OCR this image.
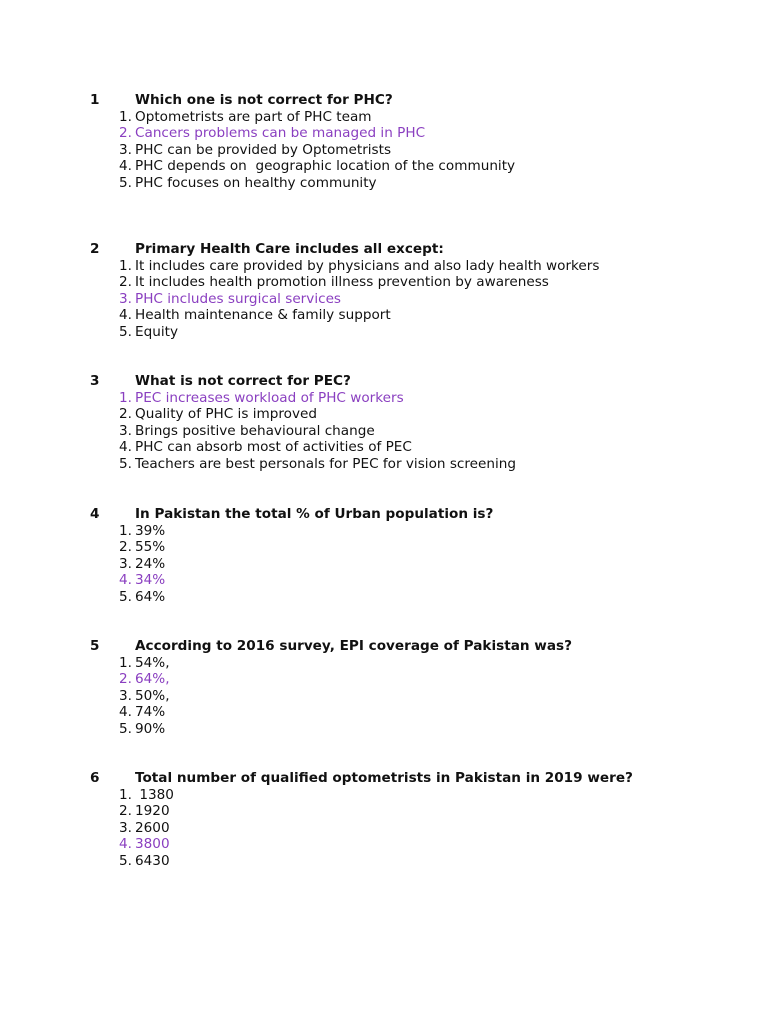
1	Which one is not correct for PHC?
1. Optometrists are part of PHC team
2. Cancers problems can be managed in PHC
3. PHC can be provided by Optometrists
4. PHC depends on  geographic location of the community
5. PHC focuses on healthy community
2	Primary Health Care includes all except:
1. It includes care provided by physicians and also lady health workers
2. It includes health promotion illness prevention by awareness
3. PHC includes surgical services
4. Health maintenance & family support
5. Equity
3	What is not correct for PEC?
1. PEC increases workload of PHC workers
2. Quality of PHC is improved
3. Brings positive behavioural change
4. PHC can absorb most of activities of PEC
5. Teachers are best personals for PEC for vision screening
4	In Pakistan the total % of Urban population is?
1. 39%
2. 55%
3. 24%
4. 34%
5. 64%
5	According to 2016 survey, EPI coverage of Pakistan was?
1. 54%,
2. 64%,
3. 50%,
4. 74%
5. 90%
6	Total number of qualified optometrists in Pakistan in 2019 were?
1. 1380
2. 1920
3. 2600
4. 3800
5. 6430
